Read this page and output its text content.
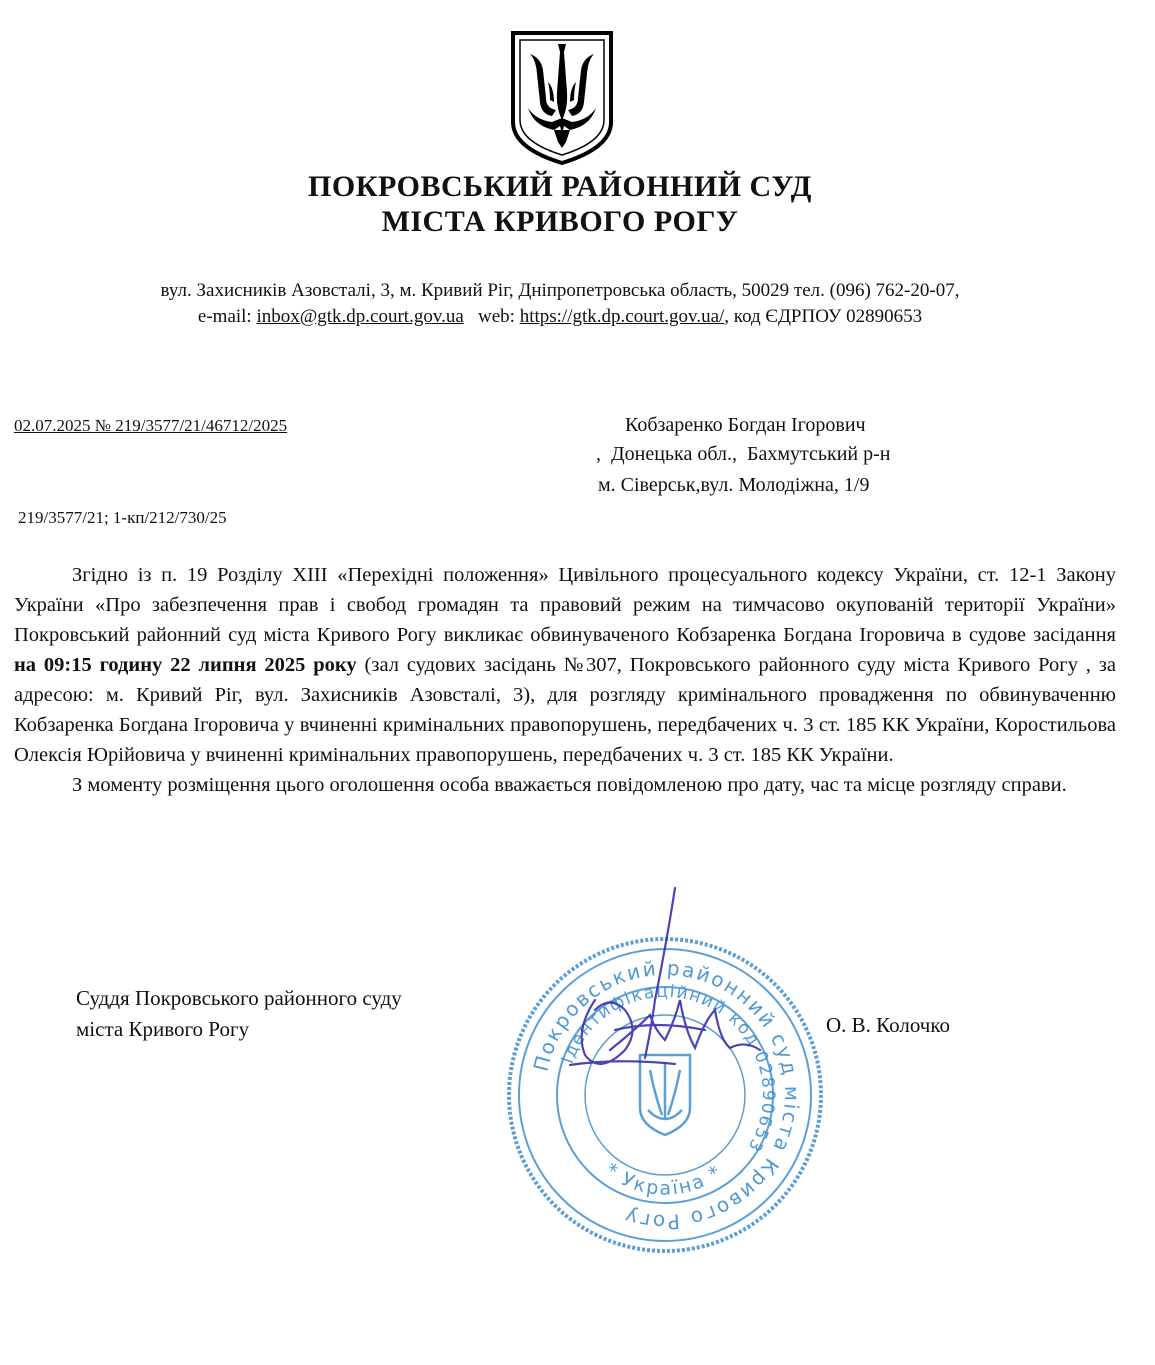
ПОКРОВСЬКИЙ РАЙОННИЙ СУД
МІСТА КРИВОГО РОГУ
вул. Захисників Азовсталі, 3, м. Кривий Ріг, Дніпропетровська область, 50029 тел. (096) 762-20-07,
e-mail: inbox@gtk.dp.court.gov.ua web: https://gtk.dp.court.gov.ua/, код ЄДРПОУ 02890653
02.07.2025 № 219/3577/21/46712/2025
219/3577/21; 1-кп/212/730/25
Кобзаренко Богдан Ігорович
,  Донецька обл.,  Бахмутський р-н
м. Сіверськ,вул. Молодіжна, 1/9

Згідно із п. 19 Розділу ХІІІ «Перехідні положення» Цивільного процесуального кодексу України, ст. 12-1 Закону України «Про забезпечення прав і свобод громадян та правовий режим на тимчасово окупованій території України» Покровський районний суд міста Кривого Рогу викликає обвинуваченого Кобзаренка Богдана Ігоровича в судове засідання на 09:15 годину 22 липня 2025 року (зал судових засідань №307, Покровського районного суду міста Кривого Рогу , за адресою: м. Кривий Ріг, вул. Захисників Азовсталі, 3), для розгляду кримінального провадження по обвинуваченню Кобзаренка Богдана Ігоровича у вчиненні кримінальних правопорушень, передбачених ч. 3 ст. 185 КК України, Коростильова Олексія Юрійовича у вчиненні кримінальних правопорушень, передбачених ч. 3 ст. 185 КК України.

З моменту розміщення цього оголошення особа вважається повідомленою про дату, час та місце розгляду справи.

Суддя Покровського районного суду
міста Кривого Рогу	О. В. Колочко
Покровський районний суд міста Кривого Рогу
Ідентифікаційний код 02890653
* Україна *
